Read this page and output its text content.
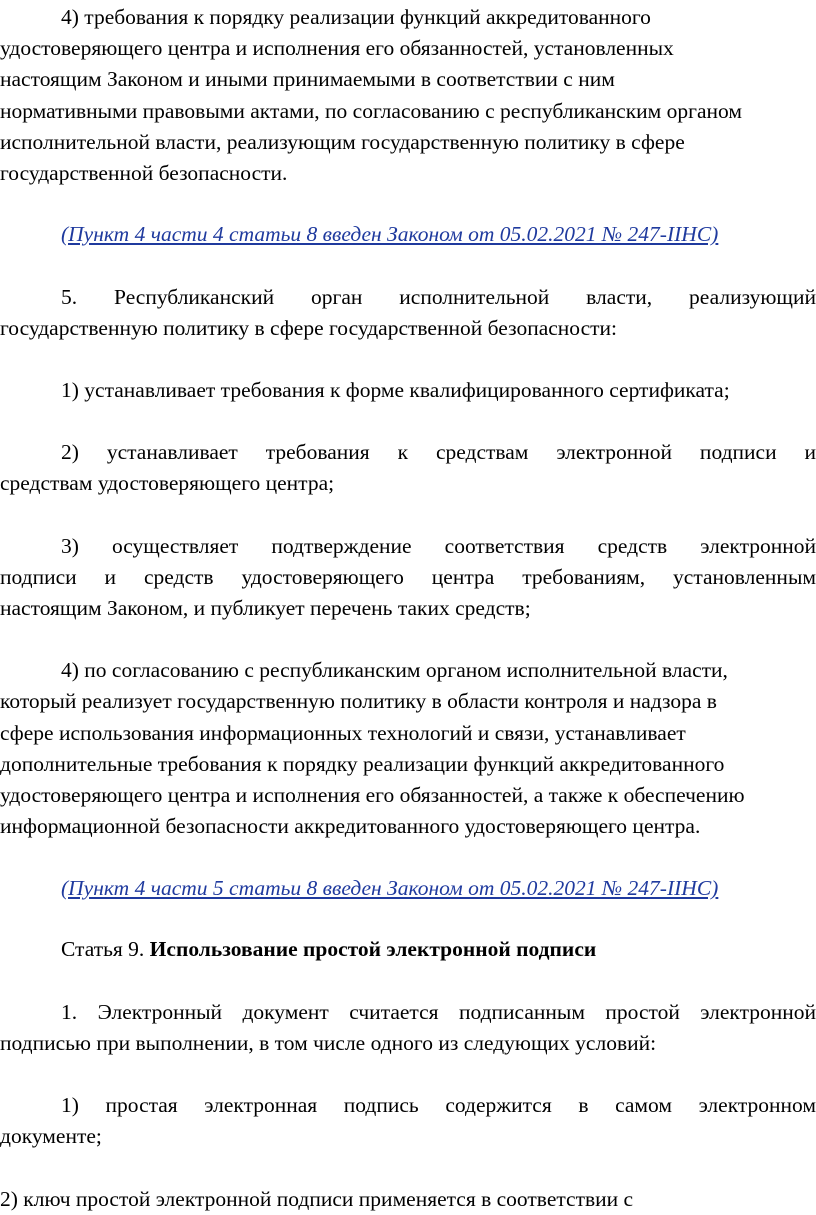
4) требования к порядку реализации функций аккредитованного
удостоверяющего центра и исполнения его обязанностей, установленных
настоящим Законом и иными принимаемыми в соответствии с ним
нормативными правовыми актами, по согласованию с республиканским органом
исполнительной власти, реализующим государственную политику в сфере
государственной безопасности.
(Пункт 4 части 4 статьи 8 введен Законом от 05.02.2021 № 247-IIНС)
5. Республиканский орган исполнительной власти, реализующий
государственную политику в сфере государственной безопасности:
1) устанавливает требования к форме квалифицированного сертификата;
2) устанавливает требования к средствам электронной подписи и
средствам удостоверяющего центра;
3) осуществляет подтверждение соответствия средств электронной
подписи и средств удостоверяющего центра требованиям, установленным
настоящим Законом, и публикует перечень таких средств;
4) по согласованию с республиканским органом исполнительной власти,
который реализует государственную политику в области контроля и надзора в
сфере использования информационных технологий и связи, устанавливает
дополнительные требования к порядку реализации функций аккредитованного
удостоверяющего центра и исполнения его обязанностей, а также к обеспечению
информационной безопасности аккредитованного удостоверяющего центра.
(Пункт 4 части 5 статьи 8 введен Законом от 05.02.2021 № 247-IIНС)
Статья 9. Использование простой электронной подписи
1. Электронный документ считается подписанным простой электронной
подписью при выполнении, в том числе одного из следующих условий:
1) простая электронная подпись содержится в самом электронном
документе;
2) ключ простой электронной подписи применяется в соответствии с
